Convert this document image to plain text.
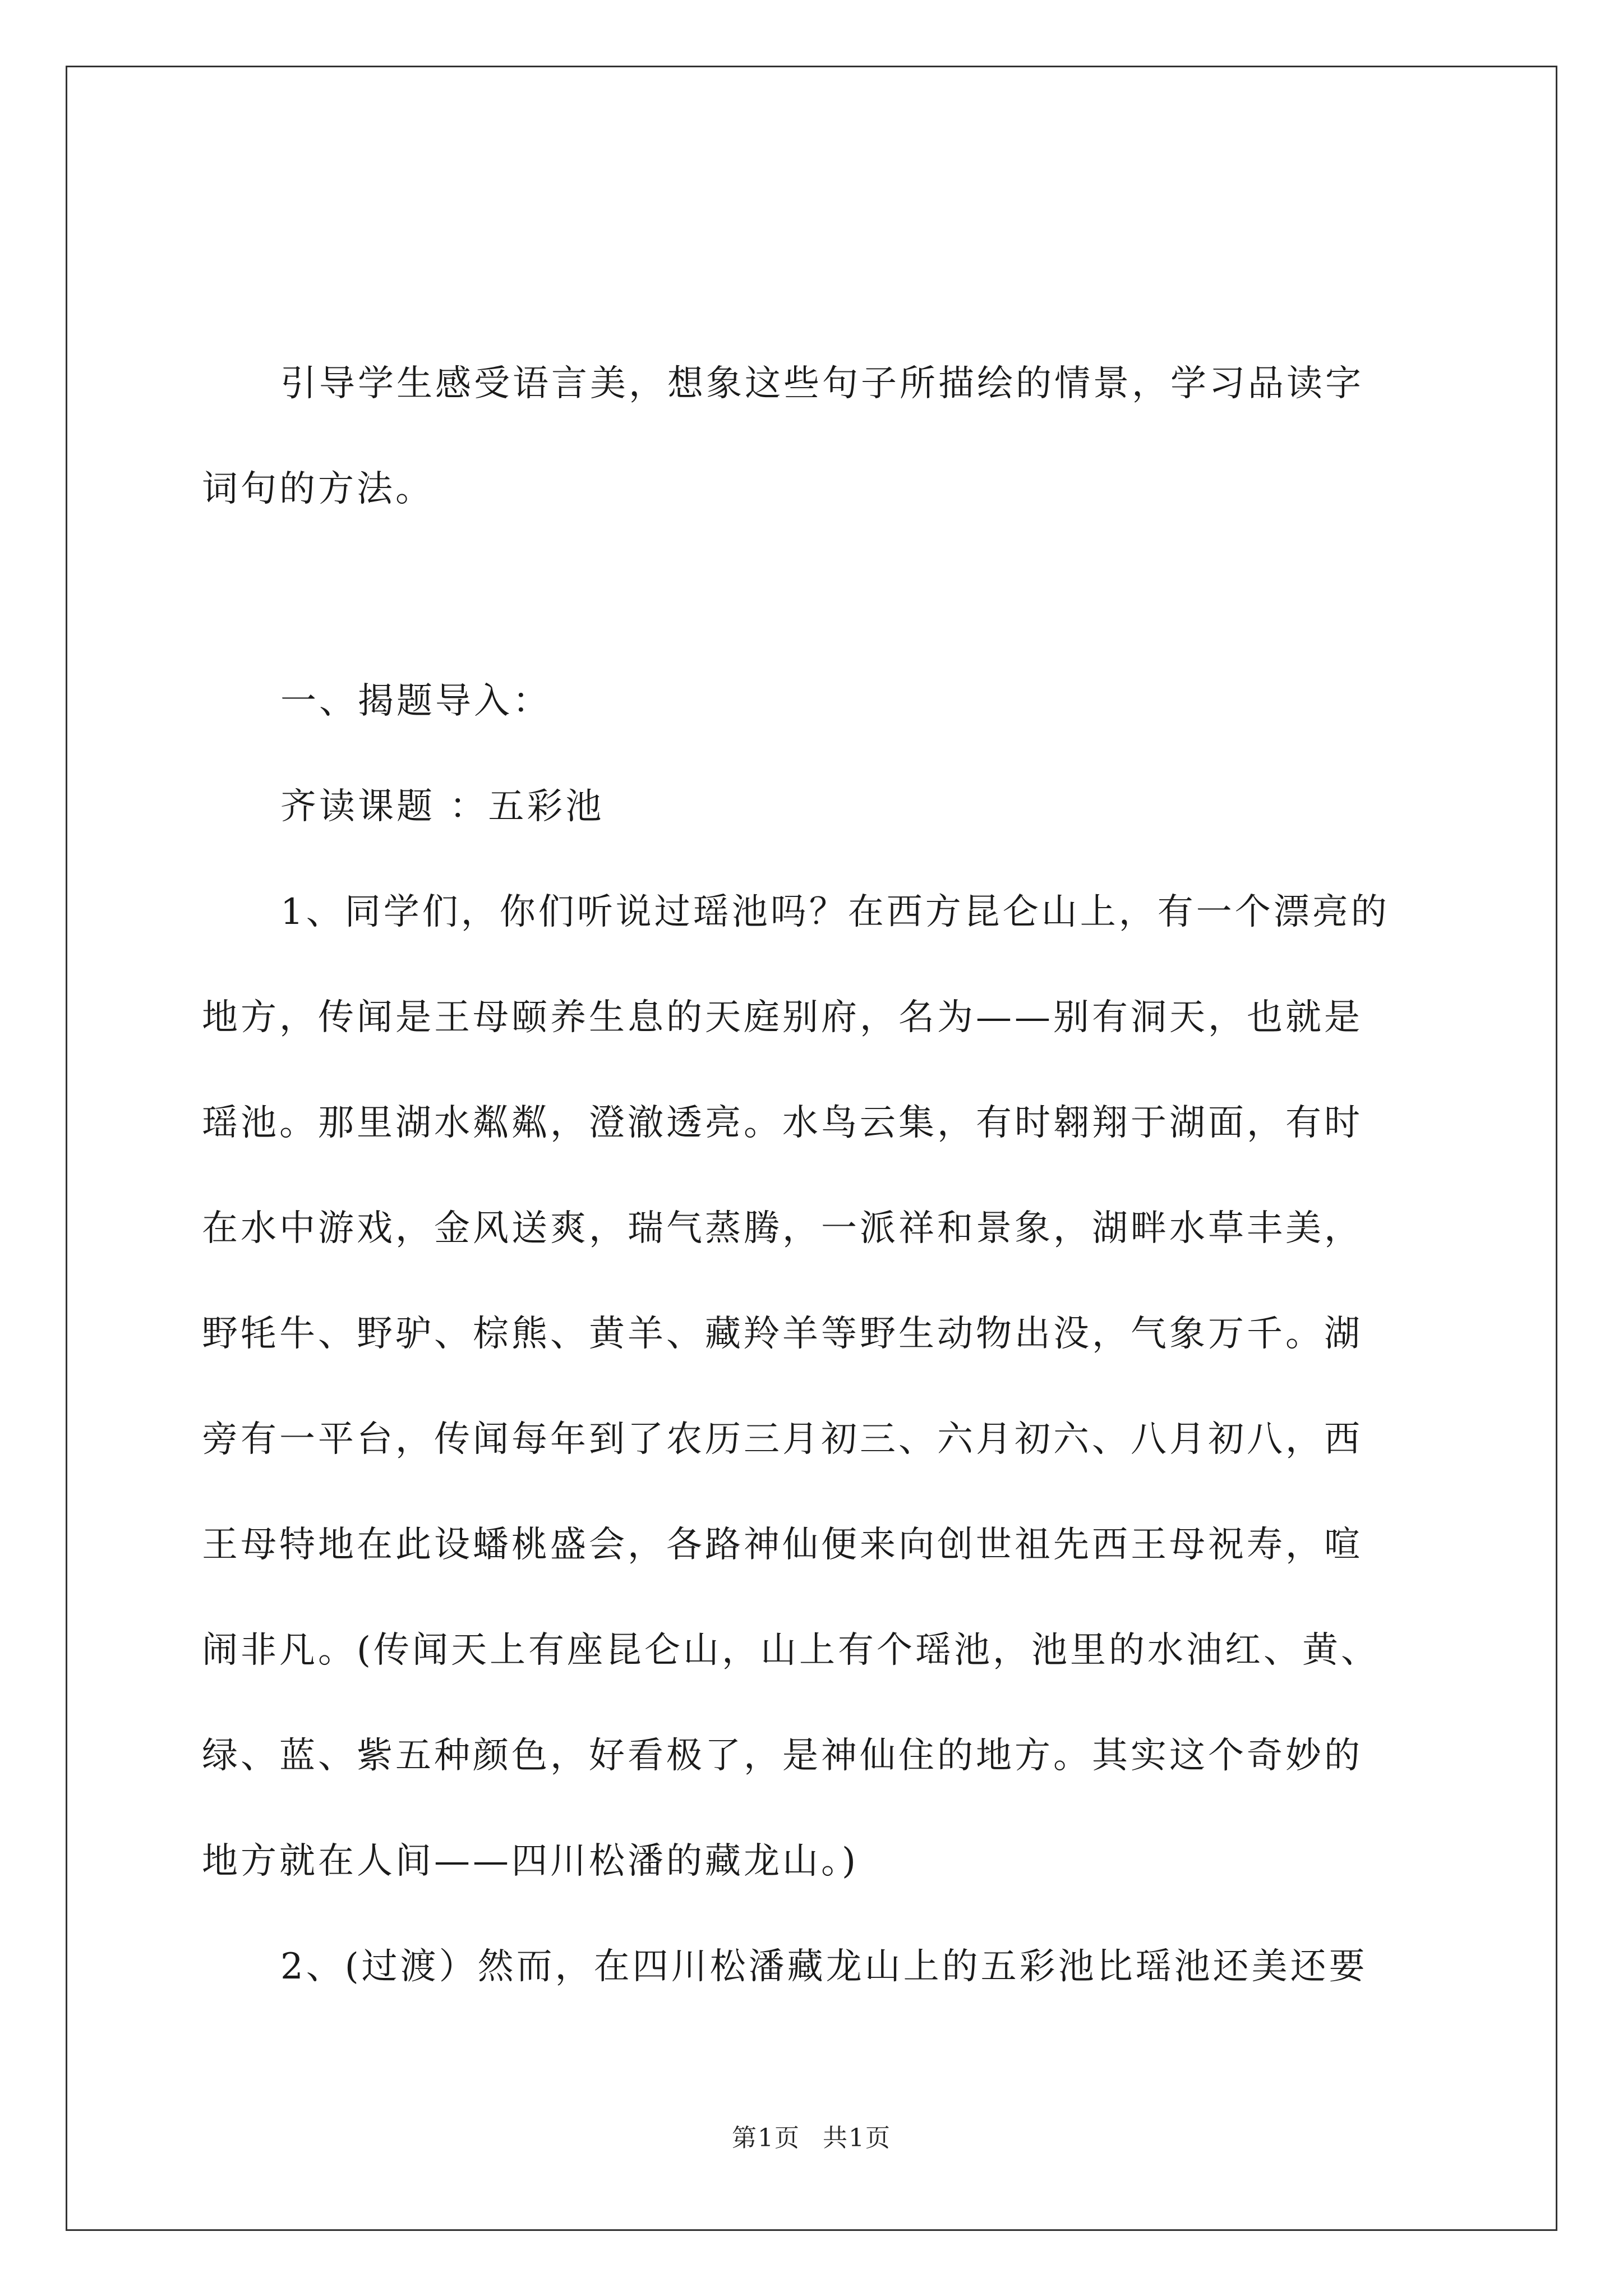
引导学生感受语言美，想象这些句子所描绘的情景，学习品读字
词句的方法。

一、揭题导入：

齐读课题 ：五彩池

1、同学们，你们听说过瑶池吗？在西方昆仑山上，有一个漂亮的
地方，传闻是王母颐养生息的天庭别府，名为——别有洞天，也就是
瑶池。那里湖水粼粼，澄澈透亮。水鸟云集，有时翱翔于湖面，有时
在水中游戏，金风送爽，瑞气蒸腾，一派祥和景象，湖畔水草丰美，
野牦牛、野驴、棕熊、黄羊、藏羚羊等野生动物出没，气象万千。湖
旁有一平台，传闻每年到了农历三月初三、六月初六、八月初八，西
王母特地在此设蟠桃盛会，各路神仙便来向创世祖先西王母祝寿，喧
闹非凡。(传闻天上有座昆仑山，山上有个瑶池，池里的水油红、黄、
绿、蓝、紫五种颜色，好看极了，是神仙住的地方。其实这个奇妙的
地方就在人间——四川松潘的藏龙山。)

2、(过渡）然而，在四川松潘藏龙山上的五彩池比瑶池还美还要

第1页 共1页
